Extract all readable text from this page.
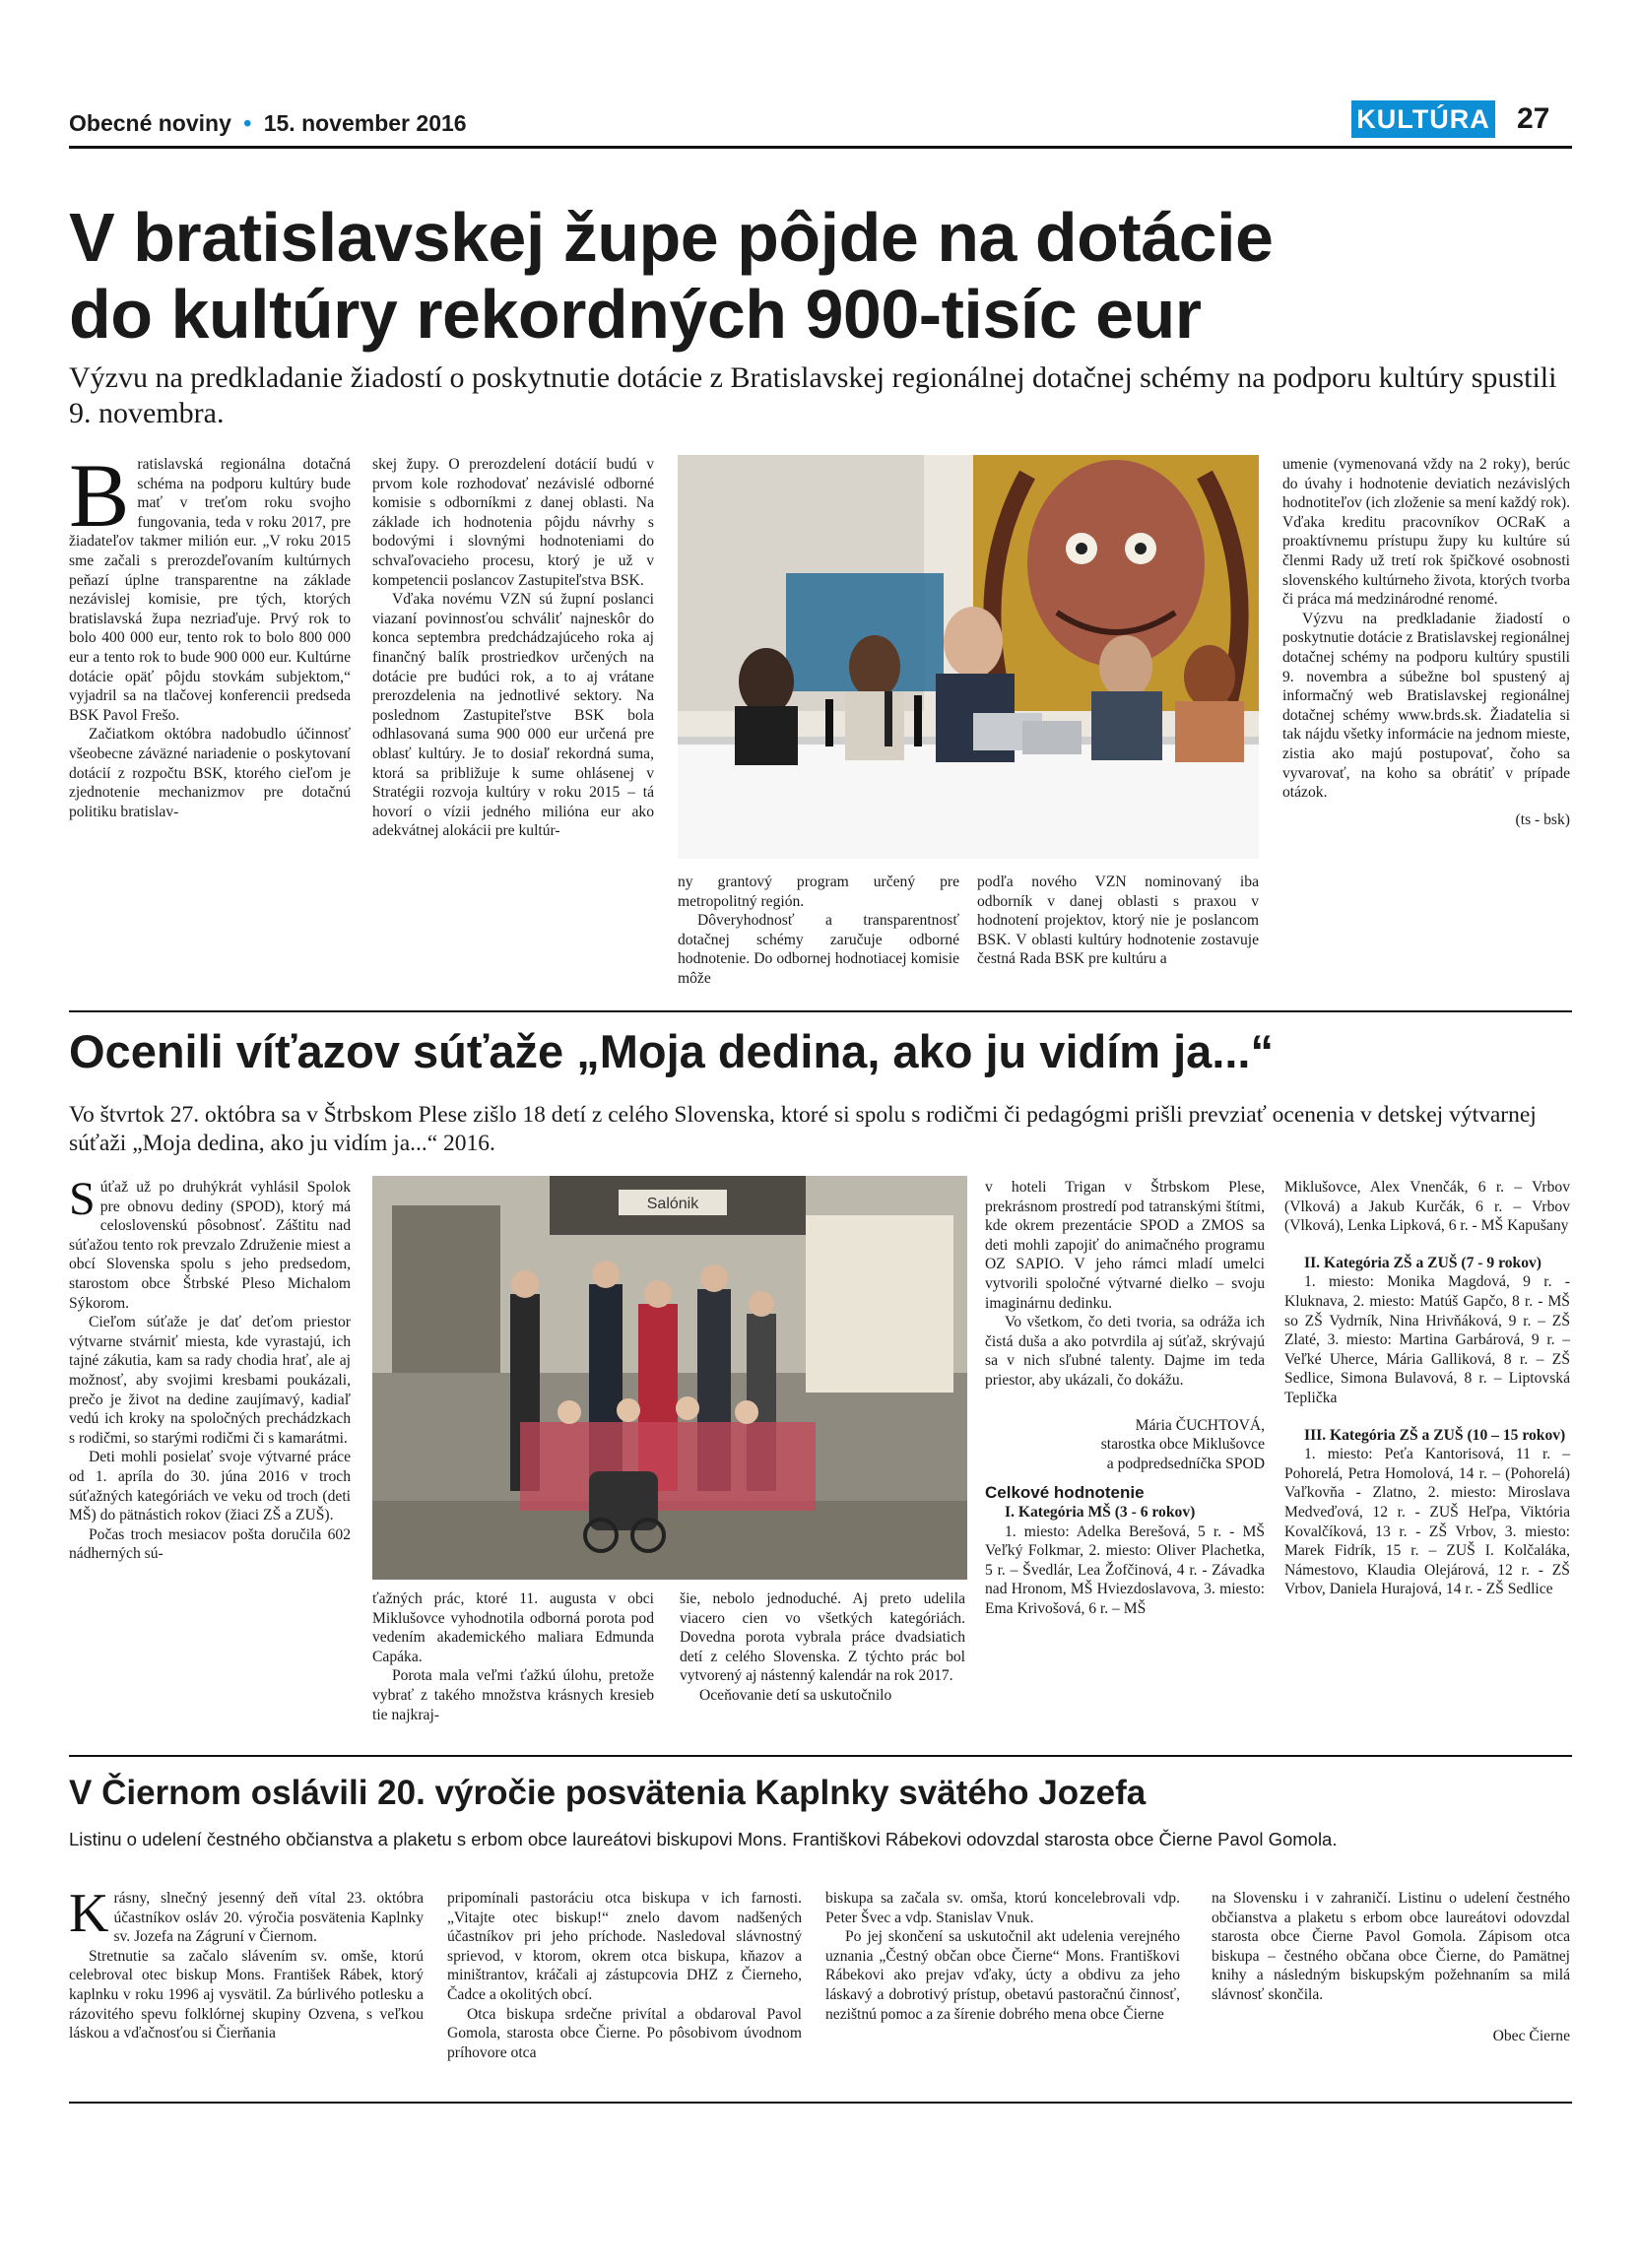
Obecné noviny • 15. november 2016	KULTÚRA 27
V bratislavskej župe pôjde na dotácie
do kultúry rekordných 900-tisíc eur
Výzvu na predkladanie žiadostí o poskytnutie dotácie z Bratislavskej regionálnej dotačnej schémy na podporu kultúry spustili 9. novembra.
B ratislavská regionálna dotačná schéma na podporu kultúry bude mať v treťom roku svojho fungovania, teda v roku 2017, pre žiadateľov takmer milión eur. „V roku 2015 sme začali s prerozdeľovaním kultúrnych peňazí úplne transparentne na základe nezávislej komisie, pre tých, ktorých bratislavská župa nezriaďuje. Prvý rok to bolo 400 000 eur, tento rok to bolo 800 000 eur a tento rok to bude 900 000 eur. Kultúrne dotácie opäť pôjdu stovkám subjektom,“ vyjadril sa na tlačovej konferencii predseda BSK Pavol Frešo.

Začiatkom októbra nadobudlo účinnosť všeobecne záväzné nariadenie o poskytovaní dotácií z rozpočtu BSK, ktorého cieľom je zjednotenie mechanizmov pre dotačnú politiku bratislav-

skej župy. O prerozdelení dotácií budú v prvom kole rozhodovať nezávislé odborné komisie s odborníkmi z danej oblasti. Na základe ich hodnotenia pôjdu návrhy s bodovými i slovnými hodnoteniami do schvaľovacieho procesu, ktorý je už v kompetencii poslancov Zastupiteľstva BSK.

Vďaka novému VZN sú župní poslanci viazaní povinnosťou schváliť najneskôr do konca septembra predchádzajúceho roka aj finančný balík prostriedkov určených na dotácie pre budúci rok, a to aj vrátane prerozdelenia na jednotlivé sektory. Na poslednom Zastupiteľstve BSK bola odhlasovaná suma 900 000 eur určená pre oblasť kultúry. Je to dosiaľ rekordná suma, ktorá sa približuje k sume ohlásenej v Stratégii rozvoja kultúry v roku 2015 – tá hovorí o vízii jedného milióna eur ako adekvátnej alokácii pre kultúr-

ny grantový program určený pre metropolitný región.

Dôveryhodnosť a transparentnosť dotačnej schémy zaručuje odborné hodnotenie. Do odbornej hodnotiacej komisie môže

podľa nového VZN nominovaný iba odborník v danej oblasti s praxou v hodnotení projektov, ktorý nie je poslancom BSK. V oblasti kultúry hodnotenie zostavuje čestná Rada BSK pre kultúru a

umenie (vymenovaná vždy na 2 roky), berúc do úvahy i hodnotenie deviatich nezávislých hodnotiteľov (ich zloženie sa mení každý rok). Vďaka kreditu pracovníkov OCRaK a proaktívnemu prístupu župy ku kultúre sú členmi Rady už tretí rok špičkové osobnosti slovenského kultúrneho života, ktorých tvorba či práca má medzinárodné renomé.

Výzvu na predkladanie žiadostí o poskytnutie dotácie z Bratislavskej regionálnej dotačnej schémy na podporu kultúry spustili 9. novembra a súbežne bol spustený aj informačný web Bratislavskej regionálnej dotačnej schémy www.brds.sk. Žiadatelia si tak nájdu všetky informácie na jednom mieste, zistia ako majú postupovať, čoho sa vyvarovať, na koho sa obrátiť v prípade otázok.

(ts - bsk)

Ocenili víťazov súťaže „Moja dedina, ako ju vidím ja...“
Vo štvrtok 27. októbra sa v Štrbskom Plese zišlo 18 detí z celého Slovenska, ktoré si spolu s rodičmi či pedagógmi prišli prevziať ocenenia v detskej výtvarnej súťaži „Moja dedina, ako ju vidím ja...“ 2016.
S úťaž už po druhýkrát vyhlásil Spolok pre obnovu dediny (SPOD), ktorý má celoslovenskú pôsobnosť. Záštitu nad súťažou tento rok prevzalo Združenie miest a obcí Slovenska spolu s jeho predsedom, starostom obce Štrbské Pleso Michalom Sýkorom.

Cieľom súťaže je dať deťom priestor výtvarne stvárniť miesta, kde vyrastajú, ich tajné zákutia, kam sa rady chodia hrať, ale aj možnosť, aby svojimi kresbami poukázali, prečo je život na dedine zaujímavý, kadiaľ vedú ich kroky na spoločných prechádzkach s rodičmi, so starými rodičmi či s kamarátmi.

Deti mohli posielať svoje výtvarné práce od 1. apríla do 30. júna 2016 v troch súťažných kategóriách ve veku od troch (deti MŠ) do pätnástich rokov (žiaci ZŠ a ZUŠ).

Počas troch mesiacov pošta doručila 602 nádherných sú-

Salónik

ťažných prác, ktoré 11. augusta v obci Miklušovce vyhodnotila odborná porota pod vedením akademického maliara Edmunda Capáka.

Porota mala veľmi ťažkú úlohu, pretože vybrať z takého množstva krásnych kresieb tie najkraj-

šie, nebolo jednoduché. Aj preto udelila viacero cien vo všetkých kategóriách. Dovedna porota vybrala práce dvadsiatich detí z celého Slovenska. Z týchto prác bol vytvorený aj nástenný kalendár na rok 2017.

Oceňovanie detí sa uskutočnilo

v hoteli Trigan v Štrbskom Plese, prekrásnom prostredí pod tatranskými štítmi, kde okrem prezentácie SPOD a ZMOS sa deti mohli zapojiť do animačného programu OZ SAPIO. V jeho rámci mladí umelci vytvorili spoločné výtvarné dielko – svoju imaginárnu dedinku.

Vo všetkom, čo deti tvoria, sa odráža ich čistá duša a ako potvrdila aj súťaž, skrývajú sa v nich sľubné talenty. Dajme im teda priestor, aby ukázali, čo dokážu.

Mária ČUCHTOVÁ,

starostka obce Miklušovce

a podpredsedníčka SPOD

Celkové hodnotenie

I. Kategória MŠ (3 - 6 rokov)

1. miesto: Adelka Berešová, 5 r. - MŠ Veľký Folkmar, 2. miesto: Oliver Plachetka, 5 r. – Švedlár, Lea Žofčinová, 4 r. - Závadka nad Hronom, MŠ Hviezdoslavova, 3. miesto: Ema Krivošová, 6 r. – MŠ

Miklušovce, Alex Vnenčák, 6 r. – Vrbov (Vlková) a Jakub Kurčák, 6 r. – Vrbov (Vlková), Lenka Lipková, 6 r. - MŠ Kapušany

II. Kategória ZŠ a ZUŠ (7 - 9 rokov)

1. miesto: Monika Magdová, 9 r. - Kluknava, 2. miesto: Matúš Gapčo, 8 r. - MŠ so ZŠ Vydrník, Nina Hrivňáková, 9 r. – ZŠ Zlaté, 3. miesto: Martina Garbárová, 9 r. – Veľké Uherce, Mária Galliková, 8 r. – ZŠ Sedlice, Simona Bulavová, 8 r. – Liptovská Teplička

III. Kategória ZŠ a ZUŠ (10 – 15 rokov)

1. miesto: Peťa Kantorisová, 11 r. – Pohorelá, Petra Homolová, 14 r. – (Pohorelá) Vaľkovňa - Zlatno, 2. miesto: Miroslava Medveďová, 12 r. - ZUŠ Heľpa, Viktória Kovalčíková, 13 r. - ZŠ Vrbov, 3. miesto: Marek Fidrík, 15 r. – ZUŠ I. Kolčaláka, Námestovo, Klaudia Olejárová, 12 r. - ZŠ Vrbov, Daniela Hurajová, 14 r. - ZŠ Sedlice

V Čiernom oslávili 20. výročie posvätenia Kaplnky svätého Jozefa
Listinu o udelení čestného občianstva a plaketu s erbom obce laureátovi biskupovi Mons. Františkovi Rábekovi odovzdal starosta obce Čierne Pavol Gomola.
K rásny, slnečný jesenný deň vítal 23. októbra účastníkov osláv 20. výročia posvätenia Kaplnky sv. Jozefa na Zágruní v Čiernom.

Stretnutie sa začalo slávením sv. omše, ktorú celebroval otec biskup Mons. František Rábek, ktorý kaplnku v roku 1996 aj vysvätil. Za búrlivého potlesku a rázovitého spevu folklórnej skupiny Ozvena, s veľkou láskou a vďačnosťou si Čierňania

pripomínali pastoráciu otca biskupa v ich farnosti. „Vitajte otec biskup!“ znelo davom nadšených účastníkov pri jeho príchode. Nasledoval slávnostný sprievod, v ktorom, okrem otca biskupa, kňazov a miništrantov, kráčali aj zástupcovia DHZ z Čierneho, Čadce a okolitých obcí.

Otca biskupa srdečne privítal a obdaroval Pavol Gomola, starosta obce Čierne. Po pôsobivom úvodnom príhovore otca

biskupa sa začala sv. omša, ktorú koncelebrovali vdp. Peter Švec a vdp. Stanislav Vnuk.

Po jej skončení sa uskutočnil akt udelenia verejného uznania „Čestný občan obce Čierne“ Mons. Františkovi Rábekovi ako prejav vďaky, úcty a obdivu za jeho láskavý a dobrotivý prístup, obetavú pastoračnú činnosť, nezištnú pomoc a za šírenie dobrého mena obce Čierne

na Slovensku i v zahraničí. Listinu o udelení čestného občianstva a plaketu s erbom obce laureátovi odovzdal starosta obce Čierne Pavol Gomola. Zápisom otca biskupa – čestného občana obce Čierne, do Pamätnej knihy a následným biskupským požehnaním sa milá slávnosť skončila.

Obec Čierne
